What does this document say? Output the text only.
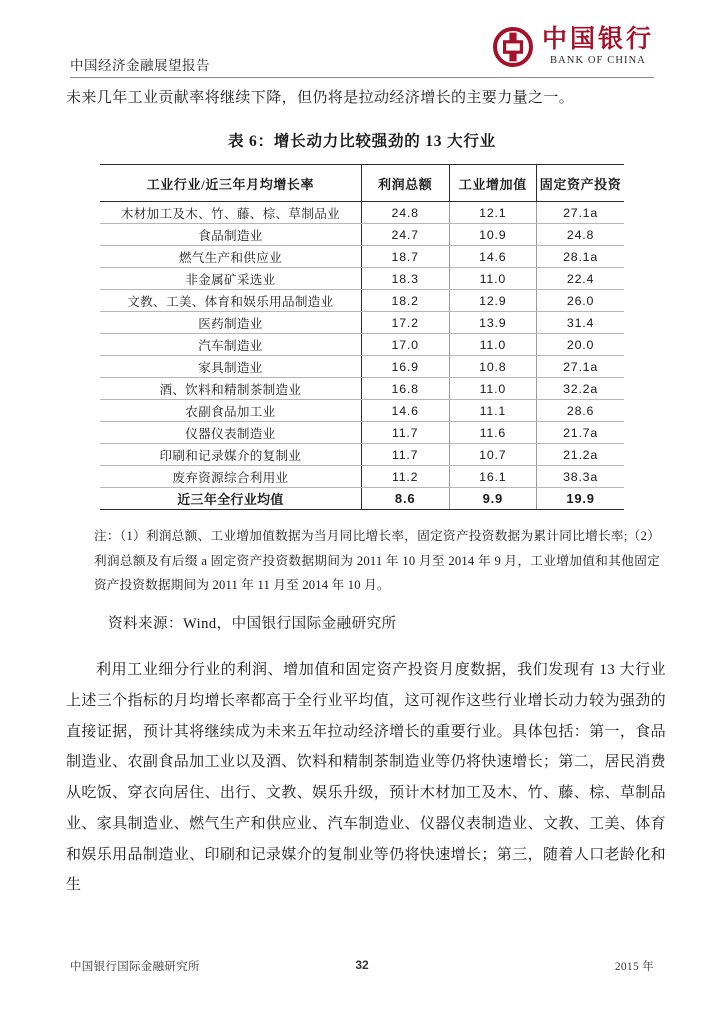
中国经济金融展望报告
中国银行
BANK OF CHINA
未来几年工业贡献率将继续下降，但仍将是拉动经济增长的主要力量之一。
表 6：增长动力比较强劲的 13 大行业
工业行业/近三年月均增长率	利润总额	工业增加值	固定资产投资
木材加工及木、竹、藤、棕、草制品业	24.8	12.1	27.1a
食品制造业	24.7	10.9	24.8
燃气生产和供应业	18.7	14.6	28.1a
非金属矿采选业	18.3	11.0	22.4
文教、工美、体育和娱乐用品制造业	18.2	12.9	26.0
医药制造业	17.2	13.9	31.4
汽车制造业	17.0	11.0	20.0
家具制造业	16.9	10.8	27.1a
酒、饮料和精制茶制造业	16.8	11.0	32.2a
农副食品加工业	14.6	11.1	28.6
仪器仪表制造业	11.7	11.6	21.7a
印刷和记录媒介的复制业	11.7	10.7	21.2a
废弃资源综合利用业	11.2	16.1	38.3a
近三年全行业均值	8.6	9.9	19.9
注：（1）利润总额、工业增加值数据为当月同比增长率，固定资产投资数据为累计同比增长率;（2）利润总额及有后缀 a 固定资产投资数据期间为 2011 年 10 月至 2014 年 9 月，工业增加值和其他固定资产投资数据期间为 2011 年 11 月至 2014 年 10 月。
资料来源：Wind，中国银行国际金融研究所
利用工业细分行业的利润、增加值和固定资产投资月度数据，我们发现有 13 大行业上述三个指标的月均增长率都高于全行业平均值，这可视作这些行业增长动力较为强劲的直接证据，预计其将继续成为未来五年拉动经济增长的重要行业。具体包括：第一，食品制造业、农副食品加工业以及酒、饮料和精制茶制造业等仍将快速增长；第二，居民消费从吃饭、穿衣向居住、出行、文教、娱乐升级，预计木材加工及木、竹、藤、棕、草制品业、家具制造业、燃气生产和供应业、汽车制造业、仪器仪表制造业、文教、工美、体育和娱乐用品制造业、印刷和记录媒介的复制业等仍将快速增长；第三，随着人口老龄化和生
中国银行国际金融研究所	32	2015 年
